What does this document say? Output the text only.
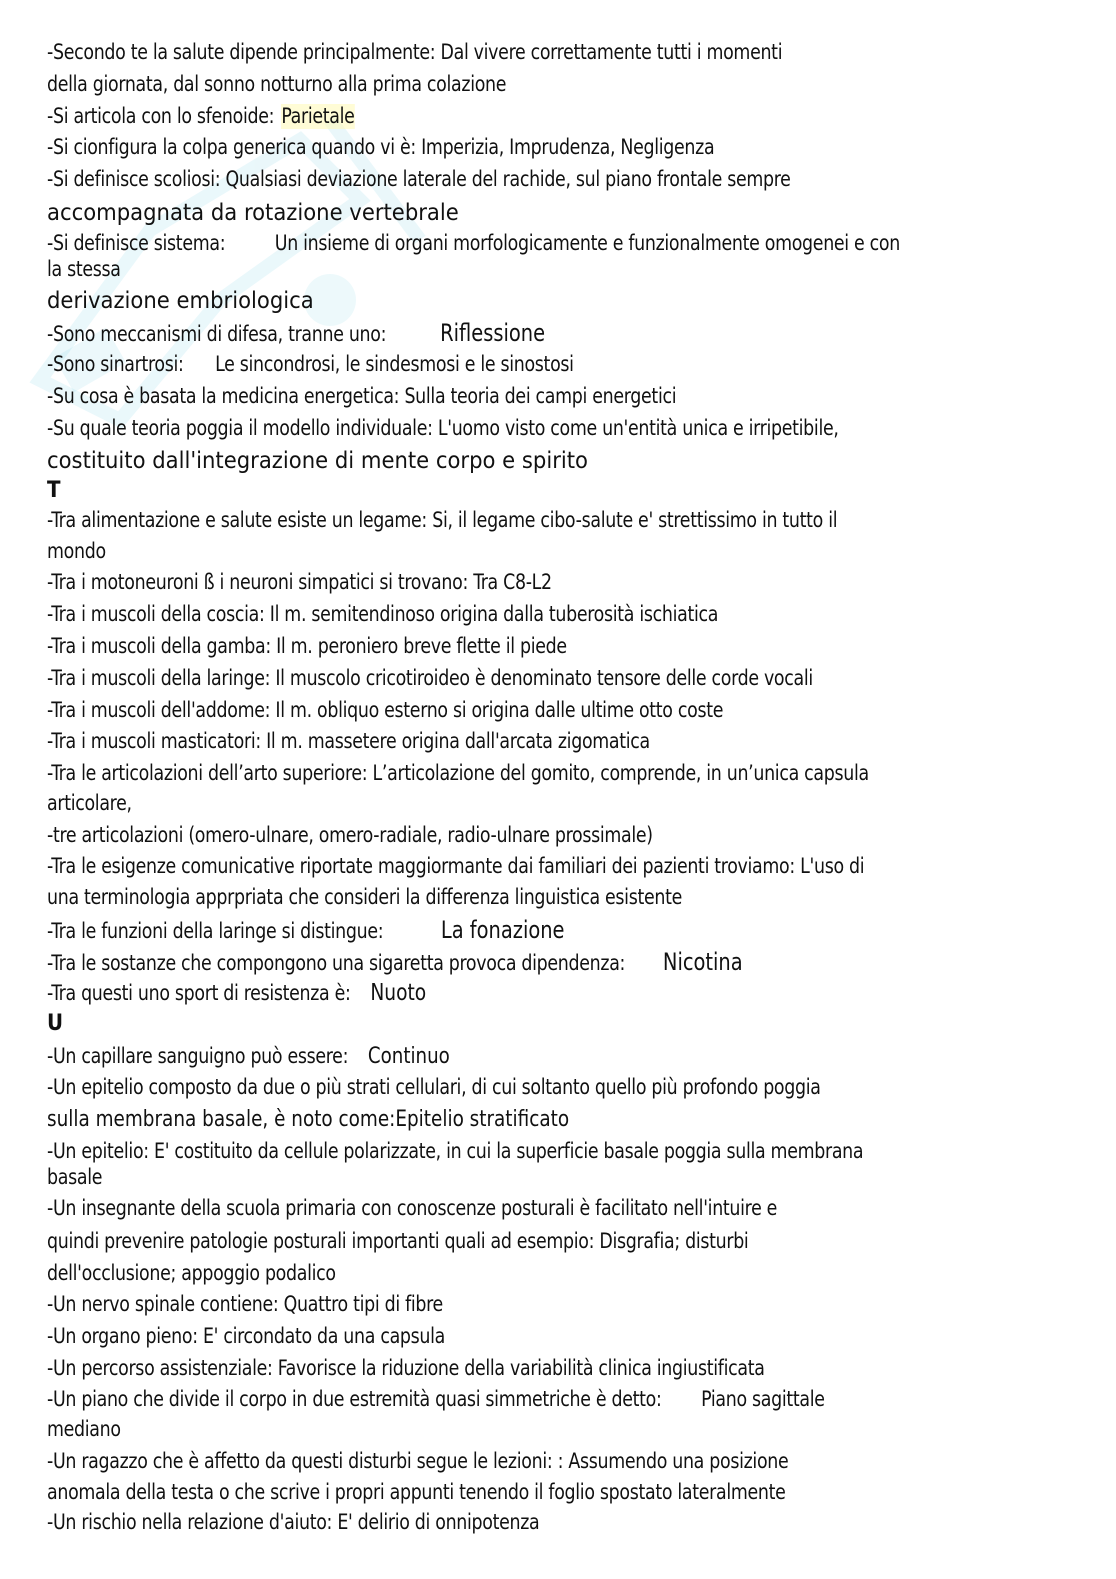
-Secondo te la salute dipende principalmente: Dal vivere correttamente tutti i momenti
della giornata, dal sonno notturno alla prima colazione
-Si articola con lo sfenoide: Parietale
-Si cionfigura la colpa generica quando vi è: Imperizia, Imprudenza, Negligenza
-Si definisce scoliosi: Qualsiasi deviazione laterale del rachide, sul piano frontale sempre
accompagnata da rotazione vertebrale
-Si definisce sistema: Un insieme di organi morfologicamente e funzionalmente omogenei e con
la stessa
derivazione embriologica
-Sono meccanismi di difesa, tranne uno: Riflessione
-Sono sinartrosi: Le sincondrosi, le sindesmosi e le sinostosi
-Su cosa è basata la medicina energetica: Sulla teoria dei campi energetici
-Su quale teoria poggia il modello individuale: L'uomo visto come un'entità unica e irripetibile,
costituito dall'integrazione di mente corpo e spirito
T
-Tra alimentazione e salute esiste un legame: Si, il legame cibo-salute e' strettissimo in tutto il
mondo
-Tra i motoneuroni ß i neuroni simpatici si trovano: Tra C8-L2
-Tra i muscoli della coscia: Il m. semitendinoso origina dalla tuberosità ischiatica
-Tra i muscoli della gamba: Il m. peroniero breve flette il piede
-Tra i muscoli della laringe: Il muscolo cricotiroideo è denominato tensore delle corde vocali
-Tra i muscoli dell'addome: Il m. obliquo esterno si origina dalle ultime otto coste
-Tra i muscoli masticatori: Il m. massetere origina dall'arcata zigomatica
-Tra le articolazioni dell’arto superiore: L’articolazione del gomito, comprende, in un’unica capsula
articolare,
-tre articolazioni (omero-ulnare, omero-radiale, radio-ulnare prossimale)
-Tra le esigenze comunicative riportate maggiormante dai familiari dei pazienti troviamo: L'uso di
una terminologia apprpriata che consideri la differenza linguistica esistente
-Tra le funzioni della laringe si distingue: La fonazione
-Tra le sostanze che compongono una sigaretta provoca dipendenza: Nicotina
-Tra questi uno sport di resistenza è: Nuoto
U
-Un capillare sanguigno può essere: Continuo
-Un epitelio composto da due o più strati cellulari, di cui soltanto quello più profondo poggia
sulla membrana basale, è noto come:Epitelio stratificato
-Un epitelio: E' costituito da cellule polarizzate, in cui la superficie basale poggia sulla membrana
basale
-Un insegnante della scuola primaria con conoscenze posturali è facilitato nell'intuire e
quindi prevenire patologie posturali importanti quali ad esempio: Disgrafia; disturbi
dell'occlusione; appoggio podalico
-Un nervo spinale contiene: Quattro tipi di fibre
-Un organo pieno: E' circondato da una capsula
-Un percorso assistenziale: Favorisce la riduzione della variabilità clinica ingiustificata
-Un piano che divide il corpo in due estremità quasi simmetriche è detto: Piano sagittale
mediano
-Un ragazzo che è affetto da questi disturbi segue le lezioni: : Assumendo una posizione
anomala della testa o che scrive i propri appunti tenendo il foglio spostato lateralmente
-Un rischio nella relazione d'aiuto: E' delirio di onnipotenza
